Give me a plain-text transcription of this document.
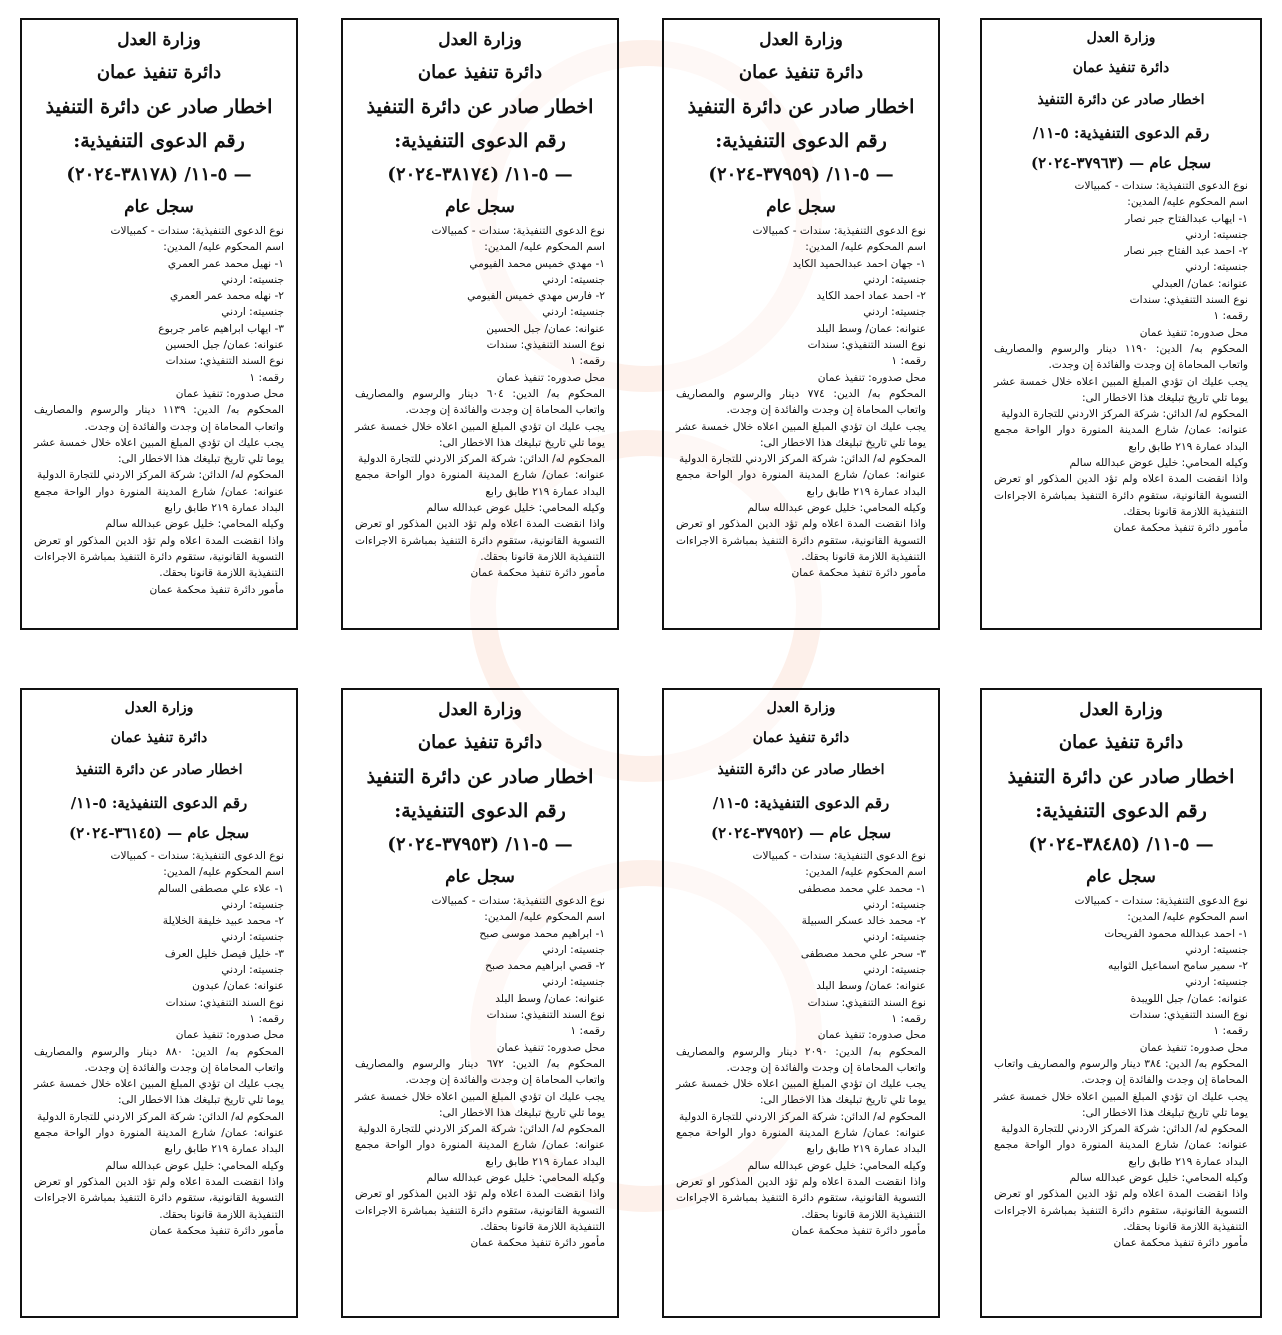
وزارة العدل
دائرة تنفيذ عمان
اخطار صادر عن دائرة التنفيذ
رقم الدعوى التنفيذية: ٥-١١/
(٣٧٩٦٣-٢٠٢٤) — سجل عام
نوع الدعوى التنفيذية: سندات - كمبيالات
اسم المحكوم عليه/ المدين:
١- ايهاب عبدالفتاح جبر نصار
جنسيته: اردني
٢- احمد عبد الفتاح جبر نصار
جنسيته: اردني
عنوانه: عمان/ العبدلي
نوع السند التنفيذي: سندات
رقمه: ١
محل صدوره: تنفيذ عمان
المحكوم به/ الدين: ١١٩٠ دينار والرسوم والمصاريف واتعاب المحاماة إن وجدت والفائدة إن وجدت.
يجب عليك ان تؤدي المبلغ المبين اعلاه خلال خمسة عشر يوما تلي تاريخ تبليغك هذا الاخطار الى:
المحكوم له/ الدائن: شركة المركز الاردني للتجارة الدولية
عنوانه: عمان/ شارع المدينة المنورة دوار الواحة مجمع البداد عمارة ٢١٩ طابق رابع
وكيله المحامي: خليل عوض عبدالله سالم
واذا انقضت المدة اعلاه ولم تؤد الدين المذكور او تعرض التسوية القانونية، ستقوم دائرة التنفيذ بمباشرة الاجراءات التنفيذية اللازمة قانونا بحقك.
مأمور دائرة تنفيذ محكمة عمان
وزارة العدل
دائرة تنفيذ عمان
اخطار صادر عن دائرة التنفيذ
رقم الدعوى التنفيذية:
٥-١١/ (٣٧٩٥٩-٢٠٢٤) —
سجل عام
نوع الدعوى التنفيذية: سندات - كمبيالات
اسم المحكوم عليه/ المدين:
١- جهان احمد عبدالحميد الكايد
جنسيته: اردني
٢- احمد عماد احمد الكايد
جنسيته: اردني
عنوانه: عمان/ وسط البلد
نوع السند التنفيذي: سندات
رقمه: ١
محل صدوره: تنفيذ عمان
المحكوم به/ الدين: ٧٧٤ دينار والرسوم والمصاريف واتعاب المحاماة إن وجدت والفائدة إن وجدت.
يجب عليك ان تؤدي المبلغ المبين اعلاه خلال خمسة عشر يوما تلي تاريخ تبليغك هذا الاخطار الى:
المحكوم له/ الدائن: شركة المركز الاردني للتجارة الدولية
عنوانه: عمان/ شارع المدينة المنورة دوار الواحة مجمع البداد عمارة ٢١٩ طابق رابع
وكيله المحامي: خليل عوض عبدالله سالم
واذا انقضت المدة اعلاه ولم تؤد الدين المذكور او تعرض التسوية القانونية، ستقوم دائرة التنفيذ بمباشرة الاجراءات التنفيذية اللازمة قانونا بحقك.
مأمور دائرة تنفيذ محكمة عمان
وزارة العدل
دائرة تنفيذ عمان
اخطار صادر عن دائرة التنفيذ
رقم الدعوى التنفيذية:
٥-١١/ (٣٨١٧٤-٢٠٢٤) —
سجل عام
نوع الدعوى التنفيذية: سندات - كمبيالات
اسم المحكوم عليه/ المدين:
١- مهدي خميس محمد الفيومي
جنسيته: اردني
٢- فارس مهدي خميس الفيومي
جنسيته: اردني
عنوانه: عمان/ جبل الحسين
نوع السند التنفيذي: سندات
رقمه: ١
محل صدوره: تنفيذ عمان
المحكوم به/ الدين: ٦٠٤ دينار والرسوم والمصاريف واتعاب المحاماة إن وجدت والفائدة إن وجدت.
يجب عليك ان تؤدي المبلغ المبين اعلاه خلال خمسة عشر يوما تلي تاريخ تبليغك هذا الاخطار الى:
المحكوم له/ الدائن: شركة المركز الاردني للتجارة الدولية
عنوانه: عمان/ شارع المدينة المنورة دوار الواحة مجمع البداد عمارة ٢١٩ طابق رابع
وكيله المحامي: خليل عوض عبدالله سالم
واذا انقضت المدة اعلاه ولم تؤد الدين المذكور او تعرض التسوية القانونية، ستقوم دائرة التنفيذ بمباشرة الاجراءات التنفيذية اللازمة قانونا بحقك.
مأمور دائرة تنفيذ محكمة عمان
وزارة العدل
دائرة تنفيذ عمان
اخطار صادر عن دائرة التنفيذ
رقم الدعوى التنفيذية:
٥-١١/ (٣٨١٧٨-٢٠٢٤) —
سجل عام
نوع الدعوى التنفيذية: سندات - كمبيالات
اسم المحكوم عليه/ المدين:
١- نهيل محمد عمر العمري
جنسيته: اردني
٢- نهله محمد عمر العمري
جنسيته: اردني
٣- ايهاب ابراهيم عامر جربوع
عنوانه: عمان/ جبل الحسين
نوع السند التنفيذي: سندات
رقمه: ١
محل صدوره: تنفيذ عمان
المحكوم به/ الدين: ١١٣٩ دينار والرسوم والمصاريف واتعاب المحاماة إن وجدت والفائدة إن وجدت.
يجب عليك ان تؤدي المبلغ المبين اعلاه خلال خمسة عشر يوما تلي تاريخ تبليغك هذا الاخطار الى:
المحكوم له/ الدائن: شركة المركز الاردني للتجارة الدولية
عنوانه: عمان/ شارع المدينة المنورة دوار الواحة مجمع البداد عمارة ٢١٩ طابق رابع
وكيله المحامي: خليل عوض عبدالله سالم
واذا انقضت المدة اعلاه ولم تؤد الدين المذكور او تعرض التسوية القانونية، ستقوم دائرة التنفيذ بمباشرة الاجراءات التنفيذية اللازمة قانونا بحقك.
مأمور دائرة تنفيذ محكمة عمان
وزارة العدل
دائرة تنفيذ عمان
اخطار صادر عن دائرة التنفيذ
رقم الدعوى التنفيذية:
٥-١١/ (٣٨٤٨٥-٢٠٢٤) —
سجل عام
نوع الدعوى التنفيذية: سندات - كمبيالات
اسم المحكوم عليه/ المدين:
١- احمد عبدالله محمود الفريحات
جنسيته: اردني
٢- سمير سامح اسماعيل الثوابيه
جنسيته: اردني
عنوانه: عمان/ جبل اللويبدة
نوع السند التنفيذي: سندات
رقمه: ١
محل صدوره: تنفيذ عمان
المحكوم به/ الدين: ٣٨٤ دينار والرسوم والمصاريف واتعاب المحاماة إن وجدت والفائدة إن وجدت.
يجب عليك ان تؤدي المبلغ المبين اعلاه خلال خمسة عشر يوما تلي تاريخ تبليغك هذا الاخطار الى:
المحكوم له/ الدائن: شركة المركز الاردني للتجارة الدولية
عنوانه: عمان/ شارع المدينة المنورة دوار الواحة مجمع البداد عمارة ٢١٩ طابق رابع
وكيله المحامي: خليل عوض عبدالله سالم
واذا انقضت المدة اعلاه ولم تؤد الدين المذكور او تعرض التسوية القانونية، ستقوم دائرة التنفيذ بمباشرة الاجراءات التنفيذية اللازمة قانونا بحقك.
مأمور دائرة تنفيذ محكمة عمان
وزارة العدل
دائرة تنفيذ عمان
اخطار صادر عن دائرة التنفيذ
رقم الدعوى التنفيذية: ٥-١١/
(٣٧٩٥٢-٢٠٢٤) — سجل عام
نوع الدعوى التنفيذية: سندات - كمبيالات
اسم المحكوم عليه/ المدين:
١- محمد علي محمد مصطفى
جنسيته: اردني
٢- محمد خالد عسكر السبيلة
جنسيته: اردني
٣- سحر علي محمد مصطفى
جنسيته: اردني
عنوانه: عمان/ وسط البلد
نوع السند التنفيذي: سندات
رقمه: ١
محل صدوره: تنفيذ عمان
المحكوم به/ الدين: ٢٠٩٠ دينار والرسوم والمصاريف واتعاب المحاماة إن وجدت والفائدة إن وجدت.
يجب عليك ان تؤدي المبلغ المبين اعلاه خلال خمسة عشر يوما تلي تاريخ تبليغك هذا الاخطار الى:
المحكوم له/ الدائن: شركة المركز الاردني للتجارة الدولية
عنوانه: عمان/ شارع المدينة المنورة دوار الواحة مجمع البداد عمارة ٢١٩ طابق رابع
وكيله المحامي: خليل عوض عبدالله سالم
واذا انقضت المدة اعلاه ولم تؤد الدين المذكور او تعرض التسوية القانونية، ستقوم دائرة التنفيذ بمباشرة الاجراءات التنفيذية اللازمة قانونا بحقك.
مأمور دائرة تنفيذ محكمة عمان
وزارة العدل
دائرة تنفيذ عمان
اخطار صادر عن دائرة التنفيذ
رقم الدعوى التنفيذية:
٥-١١/ (٣٧٩٥٣-٢٠٢٤) —
سجل عام
نوع الدعوى التنفيذية: سندات - كمبيالات
اسم المحكوم عليه/ المدين:
١- ابراهيم محمد موسى صبح
جنسيته: اردني
٢- قصي ابراهيم محمد صبح
جنسيته: اردني
عنوانه: عمان/ وسط البلد
نوع السند التنفيذي: سندات
رقمه: ١
محل صدوره: تنفيذ عمان
المحكوم به/ الدين: ٦٧٢ دينار والرسوم والمصاريف واتعاب المحاماة إن وجدت والفائدة إن وجدت.
يجب عليك ان تؤدي المبلغ المبين اعلاه خلال خمسة عشر يوما تلي تاريخ تبليغك هذا الاخطار الى:
المحكوم له/ الدائن: شركة المركز الاردني للتجارة الدولية
عنوانه: عمان/ شارع المدينة المنورة دوار الواحة مجمع البداد عمارة ٢١٩ طابق رابع
وكيله المحامي: خليل عوض عبدالله سالم
واذا انقضت المدة اعلاه ولم تؤد الدين المذكور او تعرض التسوية القانونية، ستقوم دائرة التنفيذ بمباشرة الاجراءات التنفيذية اللازمة قانونا بحقك.
مأمور دائرة تنفيذ محكمة عمان
وزارة العدل
دائرة تنفيذ عمان
اخطار صادر عن دائرة التنفيذ
رقم الدعوى التنفيذية: ٥-١١/
(٣٦١٤٥-٢٠٢٤) — سجل عام
نوع الدعوى التنفيذية: سندات - كمبيالات
اسم المحكوم عليه/ المدين:
١- علاء علي مصطفى السالم
جنسيته: اردني
٢- محمد عبيد خليفة الخلايلة
جنسيته: اردني
٣- خليل فيصل خليل العرف
جنسيته: اردني
عنوانه: عمان/ عبدون
نوع السند التنفيذي: سندات
رقمه: ١
محل صدوره: تنفيذ عمان
المحكوم به/ الدين: ٨٨٠ دينار والرسوم والمصاريف واتعاب المحاماة إن وجدت والفائدة إن وجدت.
يجب عليك ان تؤدي المبلغ المبين اعلاه خلال خمسة عشر يوما تلي تاريخ تبليغك هذا الاخطار الى:
المحكوم له/ الدائن: شركة المركز الاردني للتجارة الدولية
عنوانه: عمان/ شارع المدينة المنورة دوار الواحة مجمع البداد عمارة ٢١٩ طابق رابع
وكيله المحامي: خليل عوض عبدالله سالم
واذا انقضت المدة اعلاه ولم تؤد الدين المذكور او تعرض التسوية القانونية، ستقوم دائرة التنفيذ بمباشرة الاجراءات التنفيذية اللازمة قانونا بحقك.
مأمور دائرة تنفيذ محكمة عمان
